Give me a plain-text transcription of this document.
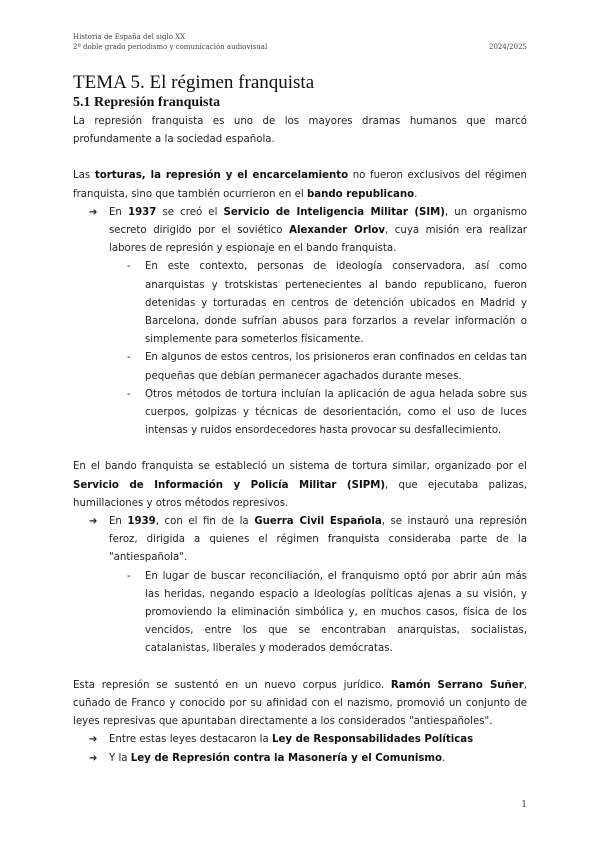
Historia de España del siglo XX
2º doble grado periodismo y comunicación audiovisual	2024/2025
TEMA 5. El régimen franquista
5.1 Represión franquista

La represión franquista es uno de los mayores dramas humanos que marcó profundamente a la sociedad española.

Las torturas, la represión y el encarcelamiento no fueron exclusivos del régimen franquista, sino que también ocurrieron en el bando republicano.

➔ En 1937 se creó el Servicio de Inteligencia Militar (SIM), un organismo secreto dirigido por el soviético Alexander Orlov, cuya misión era realizar labores de represión y espionaje en el bando franquista.
- En este contexto, personas de ideología conservadora, así como anarquistas y trotskistas pertenecientes al bando republicano, fueron detenidas y torturadas en centros de detención ubicados en Madrid y Barcelona, donde sufrían abusos para forzarlos a revelar información o simplemente para someterlos físicamente.
- En algunos de estos centros, los prisioneros eran confinados en celdas tan pequeñas que debían permanecer agachados durante meses.
- Otros métodos de tortura incluían la aplicación de agua helada sobre sus cuerpos, golpizas y técnicas de desorientación, como el uso de luces intensas y ruidos ensordecedores hasta provocar su desfallecimiento.

En el bando franquista se estableció un sistema de tortura similar, organizado por el Servicio de Información y Policía Militar (SIPM), que ejecutaba palizas, humillaciones y otros métodos represivos.

➔ En 1939, con el fin de la Guerra Civil Española, se instauró una represión feroz, dirigida a quienes el régimen franquista consideraba parte de la "antiespañola".
- En lugar de buscar reconciliación, el franquismo optó por abrir aún más las heridas, negando espacio a ideologías políticas ajenas a su visión, y promoviendo la eliminación simbólica y, en muchos casos, física de los vencidos, entre los que se encontraban anarquistas, socialistas, catalanistas, liberales y moderados demócratas.

Esta represión se sustentó en un nuevo corpus jurídico. Ramón Serrano Suñer, cuñado de Franco y conocido por su afinidad con el nazismo, promovió un conjunto de leyes represivas que apuntaban directamente a los considerados "antiespañoles".

➔ Entre estas leyes destacaron la Ley de Responsabilidades Políticas
➔ Y la Ley de Represión contra la Masonería y el Comunismo.
1
